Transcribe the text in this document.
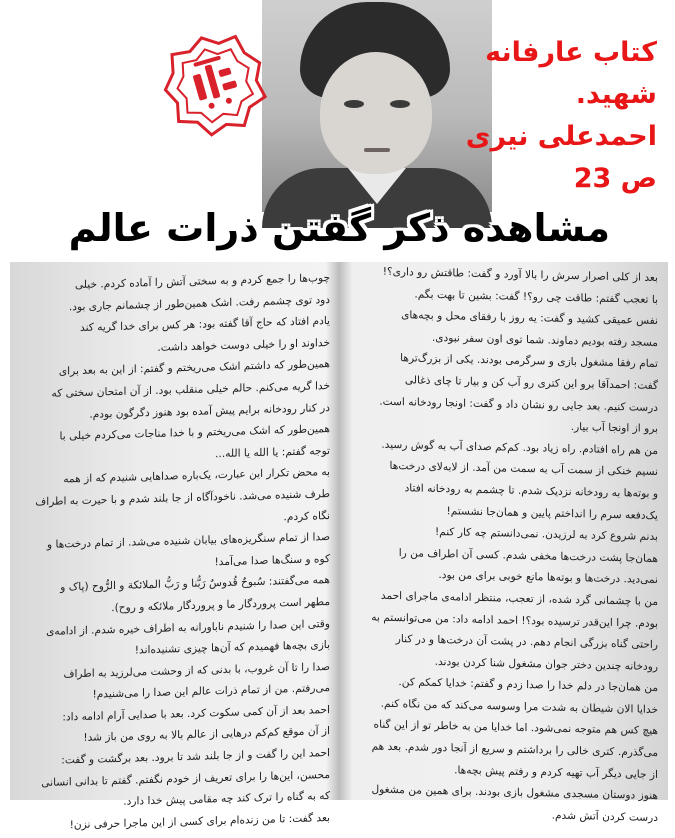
کتاب عارفانه
شهید.
احمدعلی نیری
ص 23
مشاهده ذکر گفتن ذرات عالم
چوب‌ها را جمع کردم و به سختی آتش را آماده کردم. خیلی
دود توی چشمم رفت. اشک همین‌طور از چشمانم جاری بود.
یادم افتاد که حاج آقا گفته بود: هر کس برای خدا گریه کند
خداوند او را خیلی دوست خواهد داشت.
همین‌طور که داشتم اشک می‌ریختم و گفتم: از این به بعد برای
خدا گریه می‌کنم. حالم خیلی منقلب بود. از آن امتحان سختی که
در کنار رودخانه برایم پیش آمده بود هنوز دگرگون بودم.
همین‌طور که اشک می‌ریختم و با خدا مناجات می‌کردم خیلی با
توجه گفتم: یا الله یا الله...
به محض تکرار این عبارت، یک‌باره صداهایی شنیدم که از همه
طرف شنیده می‌شد. ناخودآگاه از جا بلند شدم و با حیرت به اطراف
نگاه کردم.
صدا از تمام سنگریزه‌های بیابان شنیده می‌شد. از تمام درخت‌ها و
کوه و سنگ‌ها صدا می‌آمد!
همه می‌گفتند: سُبوحٌ قُدوسٌ رَبُّنا و رَبُّ الملائکة و الرُّوح (پاک و
مطهر است پروردگار ما و پروردگار ملائکه و روح).
وقتی این صدا را شنیدم ناباورانه به اطراف خیره شدم. از ادامه‌ی
بازی بچه‌ها فهمیدم که آن‌ها چیزی نشنیده‌اند!
صدا را تا آن غروب، با بدنی که از وحشت می‌لرزید به اطراف
می‌رفتم. من از تمام ذرات عالم این صدا را می‌شنیدم!
احمد بعد از آن کمی سکوت کرد. بعد با صدایی آرام ادامه داد:
از آن موقع کم‌کم درهایی از عالم بالا به روی من باز شد!
احمد این را گفت و از جا بلند شد تا برود. بعد برگشت و گفت:
محسن، این‌ها را برای تعریف از خودم نگفتم. گفتم تا بدانی انسانی
که به گناه را ترک کند چه مقامی پیش خدا دارد.
بعد گفت: تا من زنده‌ام برای کسی از این ماجرا حرفی نزن!
بعد از کلی اصرار سرش را بالا آورد و گفت: طاقتش رو داری؟!
با تعجب گفتم: طاقت چی رو؟! گفت: بشین تا بهت بگم.
نفس عمیقی کشید و گفت: یه روز با رفقای محل و بچه‌های
مسجد رفته بودیم دماوند. شما توی اون سفر نبودی.
تمام رفقا مشغول بازی و سرگرمی بودند. یکی از بزرگ‌ترها
گفت: احمدآقا برو این کتری رو آب کن و بیار تا چای ذغالی
درست کنیم. بعد جایی رو نشان داد و گفت: اونجا رودخانه است.
برو از اونجا آب بیار.
من هم راه افتادم. راه زیاد بود. کم‌کم صدای آب به گوش رسید.
نسیم خنکی از سمت آب به سمت من آمد. از لابه‌لای درخت‌ها
و بوته‌ها به رودخانه نزدیک شدم. تا چشمم به رودخانه افتاد
یک‌دفعه سرم را انداختم پایین و همان‌جا نشستم!
بدنم شروع کرد به لرزیدن. نمی‌دانستم چه کار کنم!
همان‌جا پشت درخت‌ها مخفی شدم. کسی آن اطراف من را
نمی‌دید. درخت‌ها و بوته‌ها مانع خوبی برای من بود.
من با چشمانی گرد شده، از تعجب، منتظر ادامه‌ی ماجرای احمد
بودم. چرا این‌قدر ترسیده بود؟! احمد ادامه داد: من می‌توانستم به
راحتی گناه بزرگی انجام دهم. در پشت آن درخت‌ها و در کنار
رودخانه چندین دختر جوان مشغول شنا کردن بودند.
من همان‌جا در دلم خدا را صدا زدم و گفتم: خدایا کمکم کن.
خدایا الان شیطان به شدت مرا وسوسه می‌کند که من نگاه کنم.
هیچ کس هم متوجه نمی‌شود. اما خدایا من به خاطر تو از این گناه
می‌گذرم. کتری خالی را برداشتم و سریع از آنجا دور شدم. بعد هم
از جایی دیگر آب تهیه کردم و رفتم پیش بچه‌ها.
هنوز دوستان مسجدی مشغول بازی بودند. برای همین من مشغول
درست کردن آتش شدم.
